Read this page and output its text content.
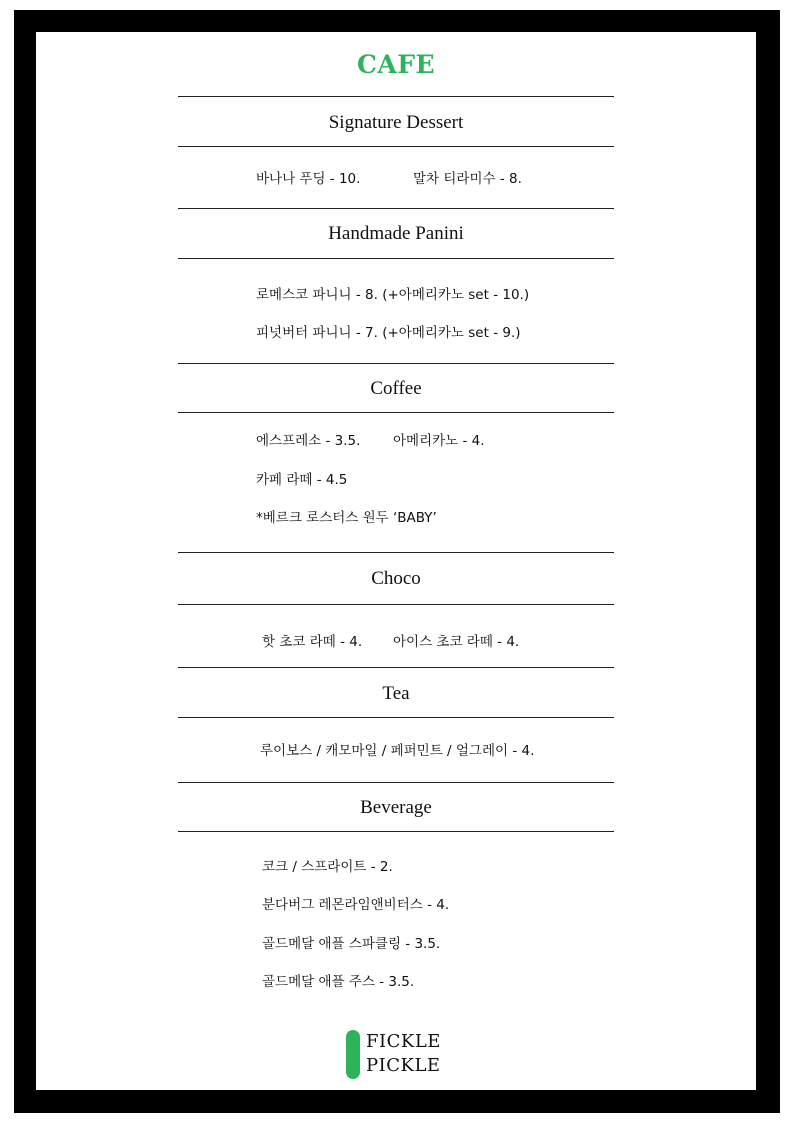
CAFE
Signature Dessert
바나나 푸딩 - 10.	말차 티라미수 - 8.
Handmade Panini
로메스코 파니니 - 8. (+아메리카노 set - 10.)
피넛버터 파니니 - 7. (+아메리카노 set - 9.)
Coffee
에스프레소 - 3.5. 아메리카노 - 4.
카페 라떼 - 4.5
*베르크 로스터스 원두 ‘BABY’
Choco
핫 초코 라떼 - 4. 아이스 초코 라떼 - 4.
Tea
루이보스 / 캐모마일 / 페퍼민트 / 얼그레이 - 4.
Beverage
코크 / 스프라이트 - 2.
분다버그 레몬라임앤비터스 - 4.
골드메달 애플 스파클링 - 3.5.
골드메달 애플 주스 - 3.5.
FICKLE
PICKLE
